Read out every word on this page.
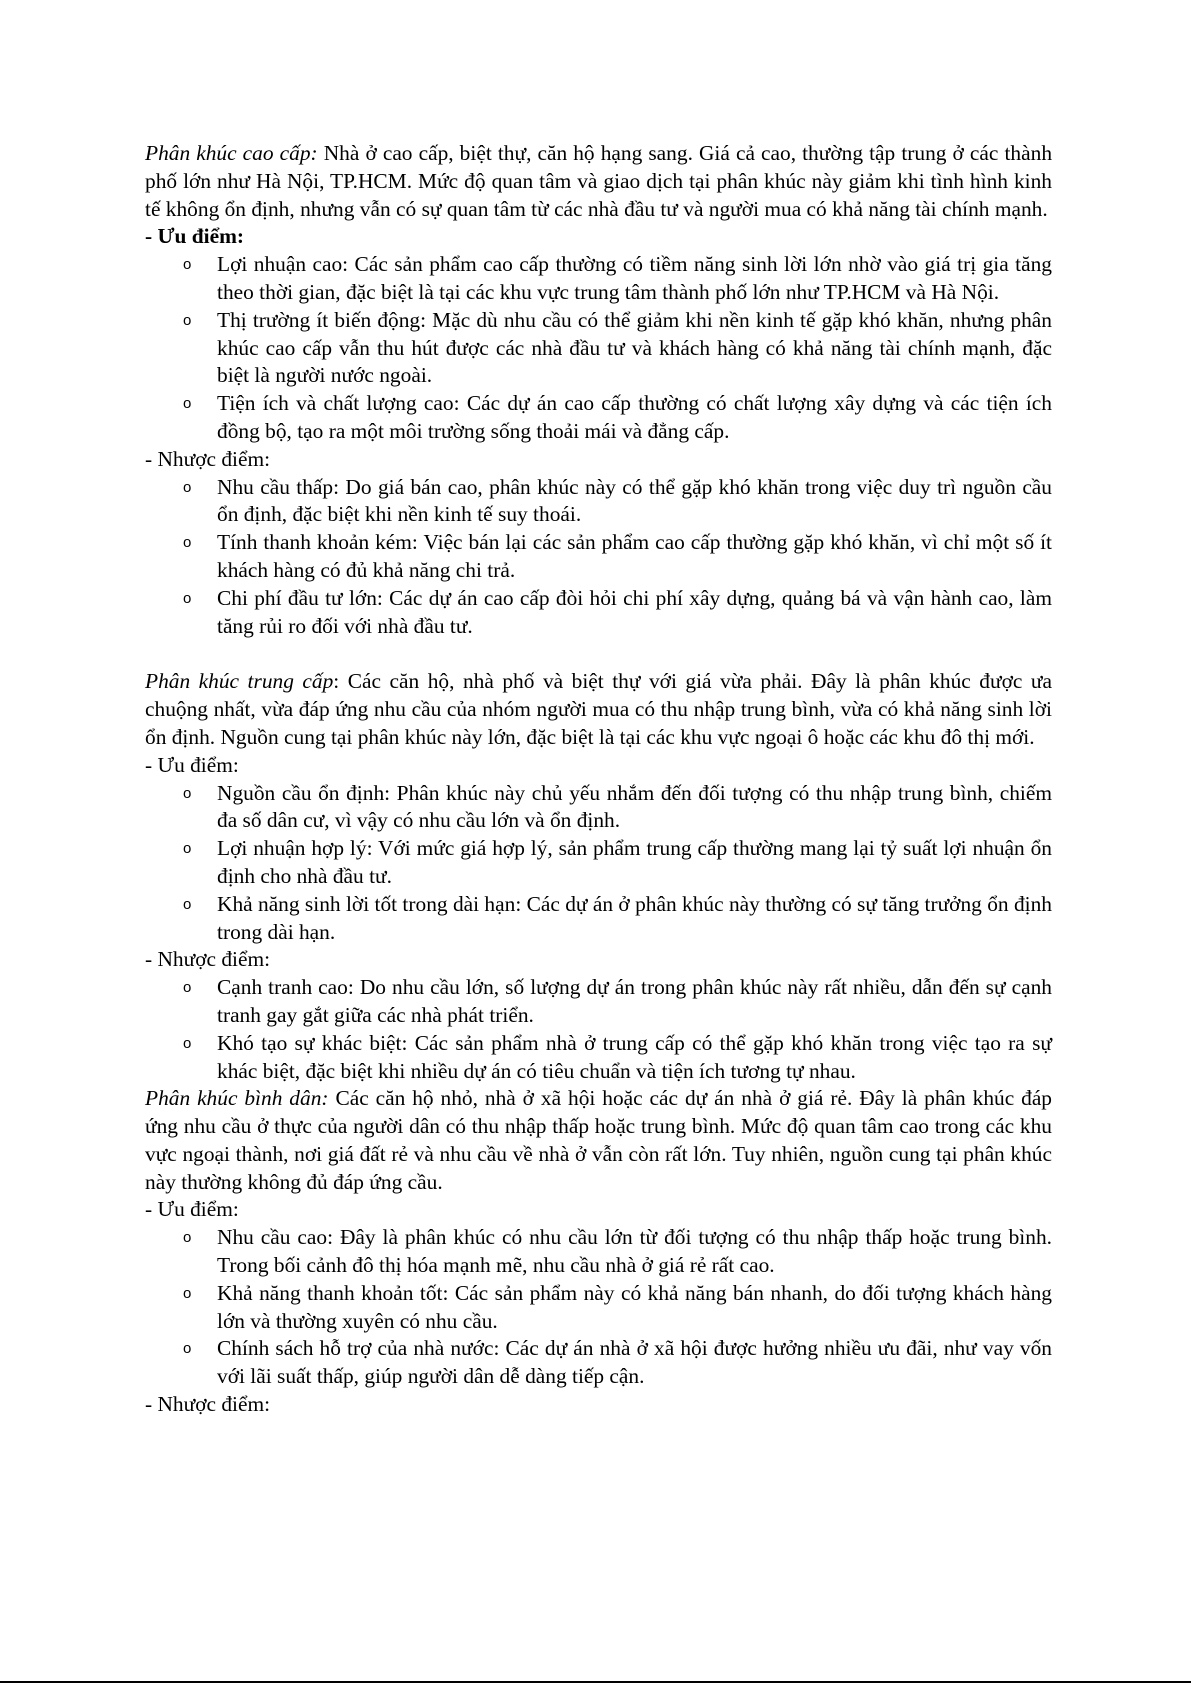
Phân khúc cao cấp: Nhà ở cao cấp, biệt thự, căn hộ hạng sang. Giá cả cao, thường tập trung ở các thành phố lớn như Hà Nội, TP.HCM. Mức độ quan tâm và giao dịch tại phân khúc này giảm khi tình hình kinh tế không ổn định, nhưng vẫn có sự quan tâm từ các nhà đầu tư và người mua có khả năng tài chính mạnh.

- Ưu điểm:

o Lợi nhuận cao: Các sản phẩm cao cấp thường có tiềm năng sinh lời lớn nhờ vào giá trị gia tăng theo thời gian, đặc biệt là tại các khu vực trung tâm thành phố lớn như TP.HCM và Hà Nội.
o Thị trường ít biến động: Mặc dù nhu cầu có thể giảm khi nền kinh tế gặp khó khăn, nhưng phân khúc cao cấp vẫn thu hút được các nhà đầu tư và khách hàng có khả năng tài chính mạnh, đặc biệt là người nước ngoài.
o Tiện ích và chất lượng cao: Các dự án cao cấp thường có chất lượng xây dựng và các tiện ích đồng bộ, tạo ra một môi trường sống thoải mái và đẳng cấp.

- Nhược điểm:

o Nhu cầu thấp: Do giá bán cao, phân khúc này có thể gặp khó khăn trong việc duy trì nguồn cầu ổn định, đặc biệt khi nền kinh tế suy thoái.
o Tính thanh khoản kém: Việc bán lại các sản phẩm cao cấp thường gặp khó khăn, vì chỉ một số ít khách hàng có đủ khả năng chi trả.
o Chi phí đầu tư lớn: Các dự án cao cấp đòi hỏi chi phí xây dựng, quảng bá và vận hành cao, làm tăng rủi ro đối với nhà đầu tư.

Phân khúc trung cấp: Các căn hộ, nhà phố và biệt thự với giá vừa phải. Đây là phân khúc được ưa chuộng nhất, vừa đáp ứng nhu cầu của nhóm người mua có thu nhập trung bình, vừa có khả năng sinh lời ổn định. Nguồn cung tại phân khúc này lớn, đặc biệt là tại các khu vực ngoại ô hoặc các khu đô thị mới.

- Ưu điểm:

o Nguồn cầu ổn định: Phân khúc này chủ yếu nhắm đến đối tượng có thu nhập trung bình, chiếm đa số dân cư, vì vậy có nhu cầu lớn và ổn định.
o Lợi nhuận hợp lý: Với mức giá hợp lý, sản phẩm trung cấp thường mang lại tỷ suất lợi nhuận ổn định cho nhà đầu tư.
o Khả năng sinh lời tốt trong dài hạn: Các dự án ở phân khúc này thường có sự tăng trưởng ổn định trong dài hạn.

- Nhược điểm:

o Cạnh tranh cao: Do nhu cầu lớn, số lượng dự án trong phân khúc này rất nhiều, dẫn đến sự cạnh tranh gay gắt giữa các nhà phát triển.
o Khó tạo sự khác biệt: Các sản phẩm nhà ở trung cấp có thể gặp khó khăn trong việc tạo ra sự khác biệt, đặc biệt khi nhiều dự án có tiêu chuẩn và tiện ích tương tự nhau.

Phân khúc bình dân: Các căn hộ nhỏ, nhà ở xã hội hoặc các dự án nhà ở giá rẻ. Đây là phân khúc đáp ứng nhu cầu ở thực của người dân có thu nhập thấp hoặc trung bình. Mức độ quan tâm cao trong các khu vực ngoại thành, nơi giá đất rẻ và nhu cầu về nhà ở vẫn còn rất lớn. Tuy nhiên, nguồn cung tại phân khúc này thường không đủ đáp ứng cầu.

- Ưu điểm:

o Nhu cầu cao: Đây là phân khúc có nhu cầu lớn từ đối tượng có thu nhập thấp hoặc trung bình. Trong bối cảnh đô thị hóa mạnh mẽ, nhu cầu nhà ở giá rẻ rất cao.
o Khả năng thanh khoản tốt: Các sản phẩm này có khả năng bán nhanh, do đối tượng khách hàng lớn và thường xuyên có nhu cầu.
o Chính sách hỗ trợ của nhà nước: Các dự án nhà ở xã hội được hưởng nhiều ưu đãi, như vay vốn với lãi suất thấp, giúp người dân dễ dàng tiếp cận.

- Nhược điểm:
